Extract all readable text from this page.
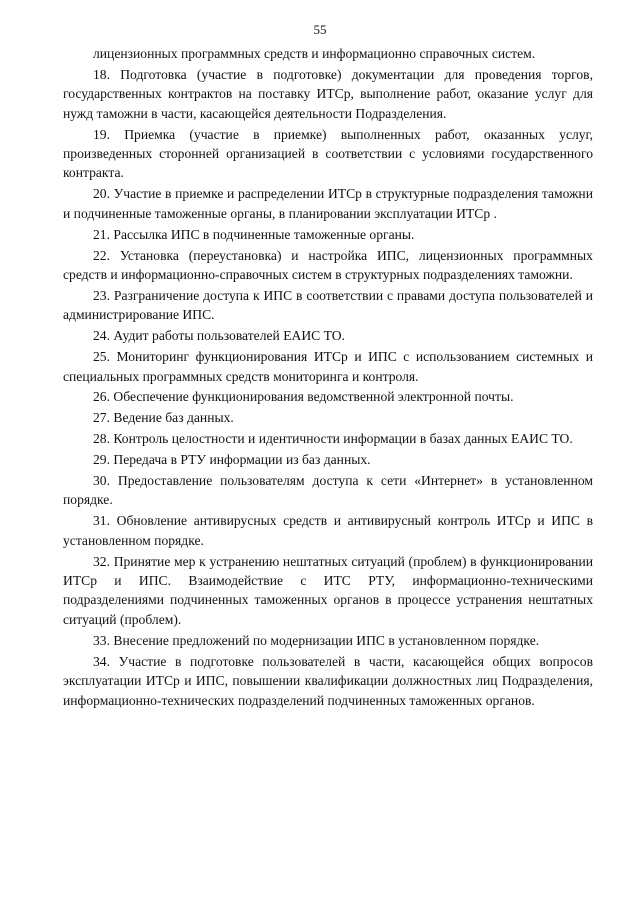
55

лицензионных программных средств и информационно справочных систем.

18. Подготовка (участие в подготовке) документации для проведения торгов, государственных контрактов на поставку ИТСр, выполнение работ, оказание услуг для нужд таможни в части, касающейся деятельности Подразделения.

19. Приемка (участие в приемке) выполненных работ, оказанных услуг, произведенных сторонней организацией в соответствии с условиями государственного контракта.

20. Участие в приемке и распределении ИТСр в структурные подразделения таможни и подчиненные таможенные органы, в планировании эксплуатации ИТСр .

21. Рассылка ИПС в подчиненные таможенные органы.

22. Установка (переустановка) и настройка ИПС, лицензионных программных средств и информационно-справочных систем в структурных подразделениях таможни.

23. Разграничение доступа к ИПС в соответствии с правами доступа пользователей и администрирование ИПС.

24. Аудит работы пользователей ЕАИС ТО.

25. Мониторинг функционирования ИТСр и ИПС с использованием системных и специальных программных средств мониторинга и контроля.

26. Обеспечение функционирования ведомственной электронной почты.

27. Ведение баз данных.

28. Контроль целостности и идентичности информации в базах данных ЕАИС ТО.

29. Передача в РТУ информации из баз данных.

30. Предоставление пользователям доступа к сети «Интернет» в установленном порядке.

31. Обновление антивирусных средств и антивирусный контроль ИТСр и ИПС в установленном порядке.

32. Принятие мер к устранению нештатных ситуаций (проблем) в функционировании ИТСр и ИПС. Взаимодействие с ИТС РТУ, информационно-техническими подразделениями подчиненных таможенных органов в процессе устранения нештатных ситуаций (проблем).

33. Внесение предложений по модернизации ИПС в установленном порядке.

34. Участие в подготовке пользователей в части, касающейся общих вопросов эксплуатации ИТСр и ИПС, повышении квалификации должностных лиц Подразделения, информационно-технических подразделений подчиненных таможенных органов.
